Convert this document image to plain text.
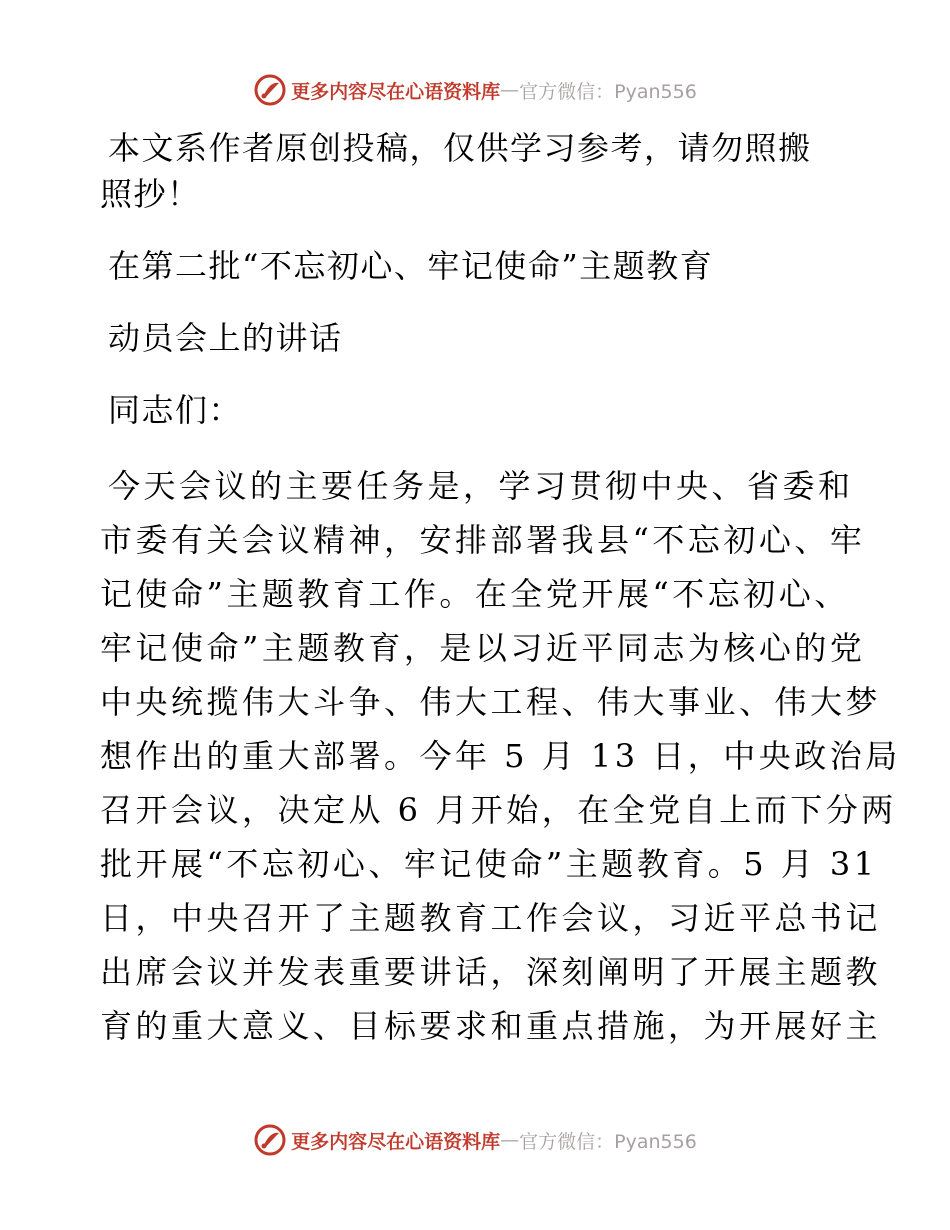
更多内容尽在心语资料库 — 官方微信：Pyan556
本文系作者原创投稿，仅供学习参考，请勿照搬
照抄！
在第二批“不忘初心、牢记使命”主题教育
动员会上的讲话
同志们：
今天会议的主要任务是，学习贯彻中央、省委和
市委有关会议精神，安排部署我县“不忘初心、牢
记使命”主题教育工作。在全党开展“不忘初心、
牢记使命”主题教育，是以习近平同志为核心的党
中央统揽伟大斗争、伟大工程、伟大事业、伟大梦
想作出的重大部署。今年 5 月 13 日，中央政治局
召开会议，决定从 6 月开始，在全党自上而下分两
批开展“不忘初心、牢记使命”主题教育。5 月 31
日，中央召开了主题教育工作会议，习近平总书记
出席会议并发表重要讲话，深刻阐明了开展主题教
育的重大意义、目标要求和重点措施，为开展好主
更多内容尽在心语资料库 — 官方微信：Pyan556
